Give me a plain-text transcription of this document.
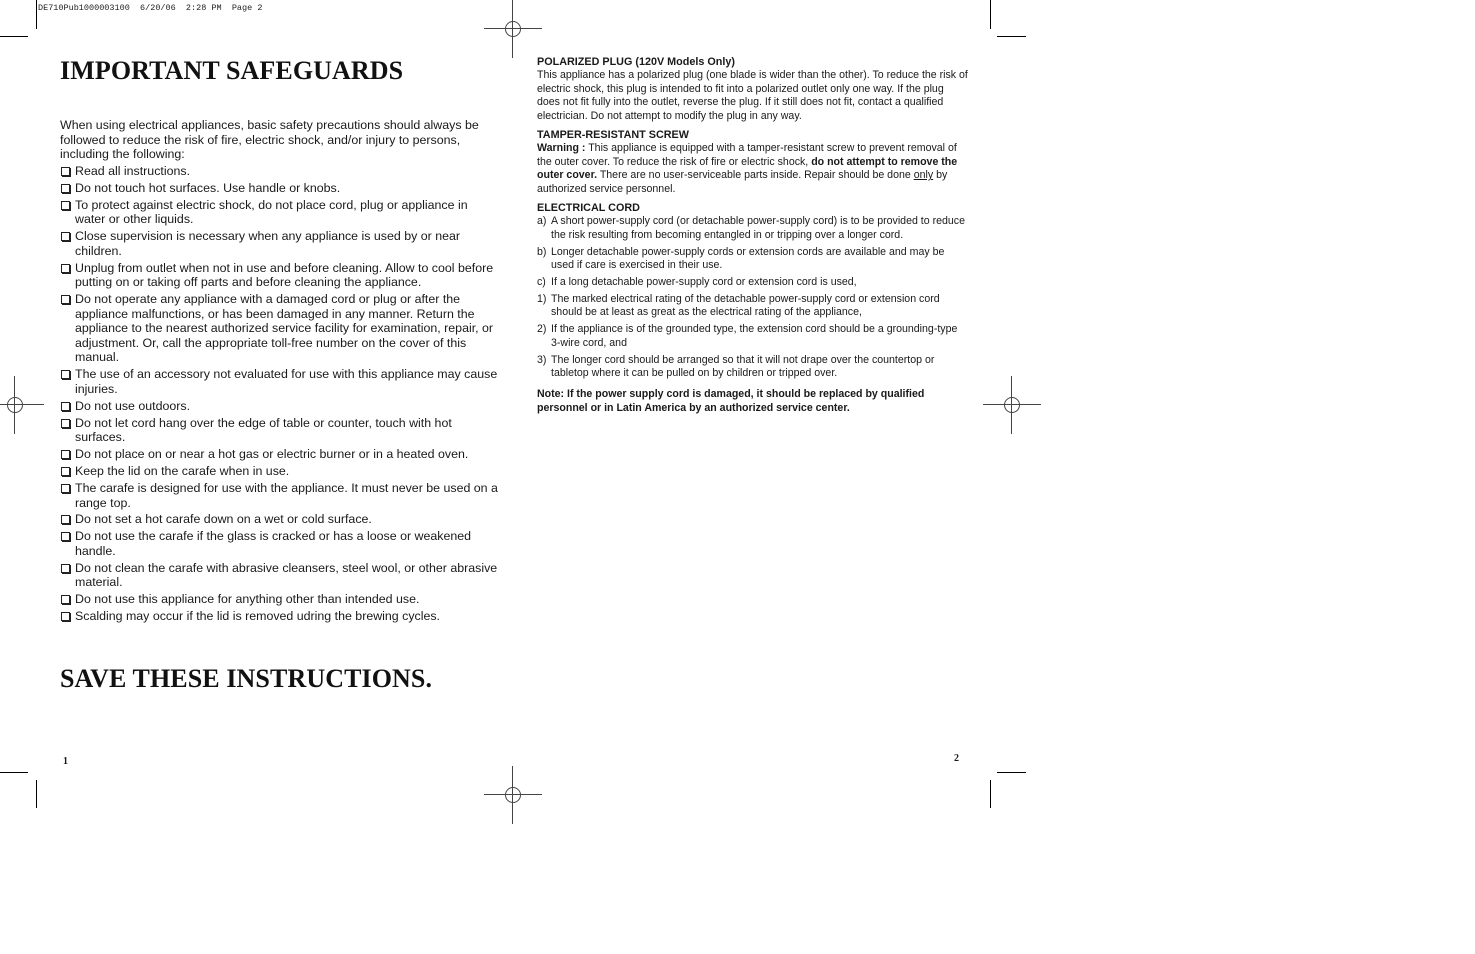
DE710Pub1000003100  6/20/06  2:28 PM  Page 2
IMPORTANT SAFEGUARDS

When using electrical appliances, basic safety precautions should always be followed to reduce the risk of fire, electric shock, and/or injury to persons, including the following:

Read all instructions.
Do not touch hot surfaces. Use handle or knobs.
To protect against electric shock, do not place cord, plug or appliance in water or other liquids.
Close supervision is necessary when any appliance is used by or near children.
Unplug from outlet when not in use and before cleaning. Allow to cool before putting on or taking off parts and before cleaning the appliance.
Do not operate any appliance with a damaged cord or plug or after the appliance malfunctions, or has been damaged in any manner. Return the appliance to the nearest authorized service facility for examination, repair, or adjustment. Or, call the appropriate toll-free number on the cover of this manual.
The use of an accessory not evaluated for use with this appliance may cause injuries.
Do not use outdoors.
Do not let cord hang over the edge of table or counter, touch with hot surfaces.
Do not place on or near a hot gas or electric burner or in a heated oven.
Keep the lid on the carafe when in use.
The carafe is designed for use with the appliance. It must never be used on a range top.
Do not set a hot carafe down on a wet or cold surface.
Do not use the carafe if the glass is cracked or has a loose or weakened handle.
Do not clean the carafe with abrasive cleansers, steel wool, or other abrasive material.
Do not use this appliance for anything other than intended use.
Scalding may occur if the lid is removed udring the brewing cycles.
SAVE THESE INSTRUCTIONS.
1

POLARIZED PLUG (120V Models Only)

This appliance has a polarized plug (one blade is wider than the other). To reduce the risk of electric shock, this plug is intended to fit into a polarized outlet only one way. If the plug does not fit fully into the outlet, reverse the plug. If it still does not fit, contact a qualified electrician. Do not attempt to modify the plug in any way.

TAMPER-RESISTANT SCREW

Warning : This appliance is equipped with a tamper-resistant screw to prevent removal of the outer cover. To reduce the risk of fire or electric shock, do not attempt to remove the outer cover. There are no user-serviceable parts inside. Repair should be done only by authorized service personnel.

ELECTRICAL CORD

a) A short power-supply cord (or detachable power-supply cord) is to be provided to reduce the risk resulting from becoming entangled in or tripping over a longer cord.
b) Longer detachable power-supply cords or extension cords are available and may be used if care is exercised in their use.
c) If a long detachable power-supply cord or extension cord is used,
1) The marked electrical rating of the detachable power-supply cord or extension cord should be at least as great as the electrical rating of the appliance,
2) If the appliance is of the grounded type, the extension cord should be a grounding-type 3-wire cord, and
3) The longer cord should be arranged so that it will not drape over the countertop or tabletop where it can be pulled on by children or tripped over.

Note: If the power supply cord is damaged, it should be replaced by qualified personnel or in Latin America by an authorized service center.

2
